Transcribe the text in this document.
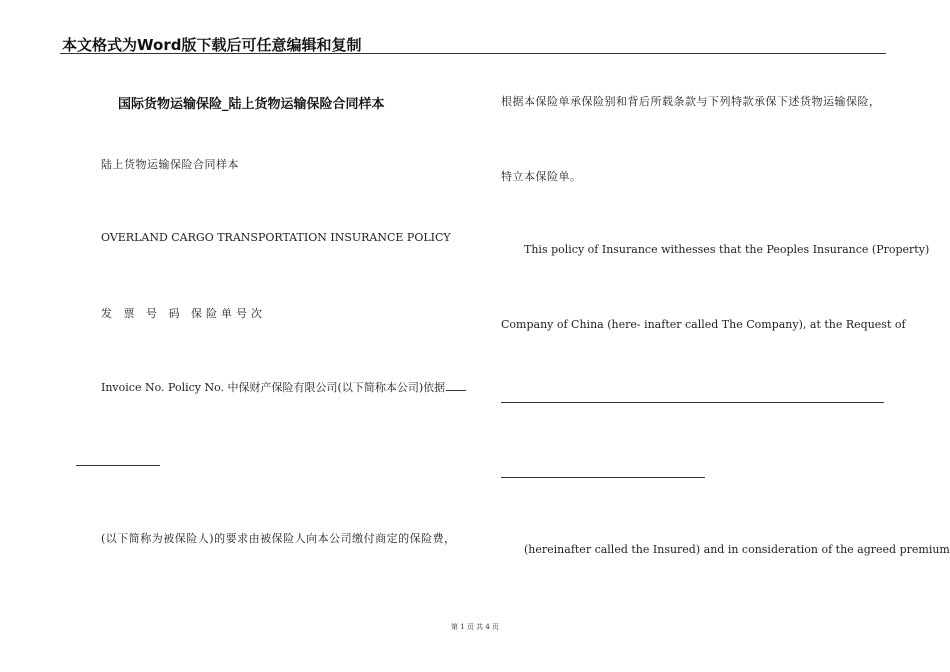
本文格式为Word版下载后可任意编辑和复制
国际货物运输保险_陆上货物运输保险合同样本
陆上货物运输保险合同样本
OVERLAND CARGO TRANSPORTATION INSURANCE POLICY
发 票 号 码 保险单号次
Invoice No. Policy No. 中保财产保险有限公司(以下简称本公司)依据
(以下简称为被保险人)的要求由被保险人向本公司缴付商定的保险费，
根据本保险单承保险别和背后所载条款与下列特款承保下述货物运输保险，
特立本保险单。
This policy of Insurance withesses that the Peoples Insurance (Property)
Company of China (here- inafter called The Company), at the Request of
(hereinafter called the Insured) and in consideration of the agreed premium
第 1 页 共 4 页
